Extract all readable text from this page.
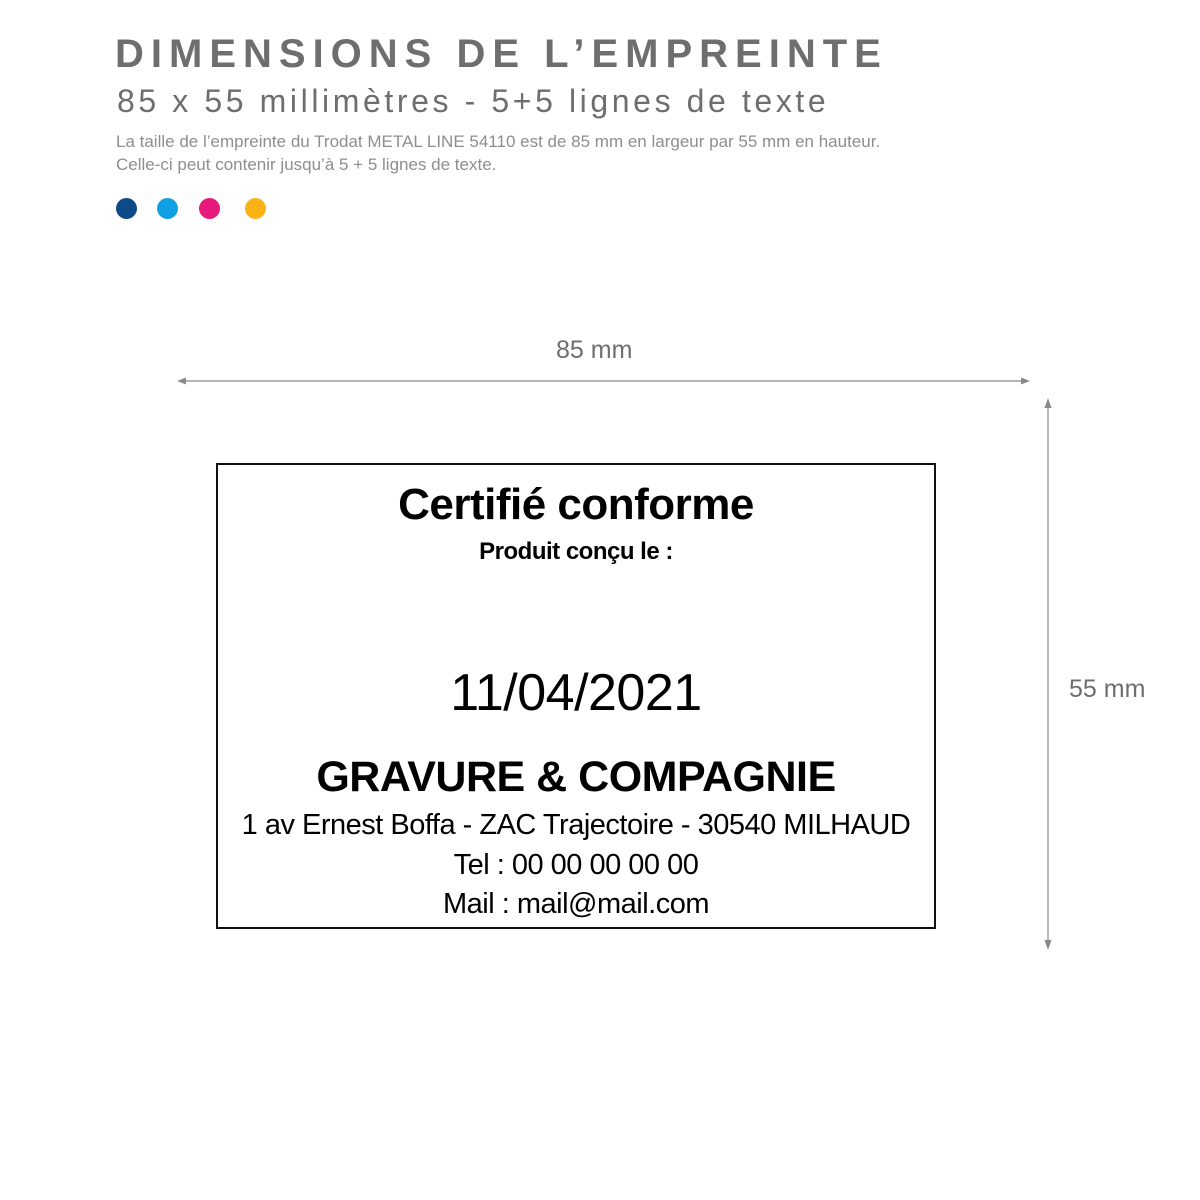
DIMENSIONS DE L’EMPREINTE
85 x 55 millimètres - 5+5 lignes de texte

La taille de l’empreinte du Trodat METAL LINE 54110 est de 85 mm en largeur par 55 mm en hauteur.

Celle-ci peut contenir jusqu’à 5 + 5 lignes de texte.

85 mm
55 mm
Certifié conforme
Produit conçu le :
11/04/2021
GRAVURE & COMPAGNIE
1 av Ernest Boffa - ZAC Trajectoire - 30540 MILHAUD
Tel : 00 00 00 00 00
Mail : mail@mail.com
